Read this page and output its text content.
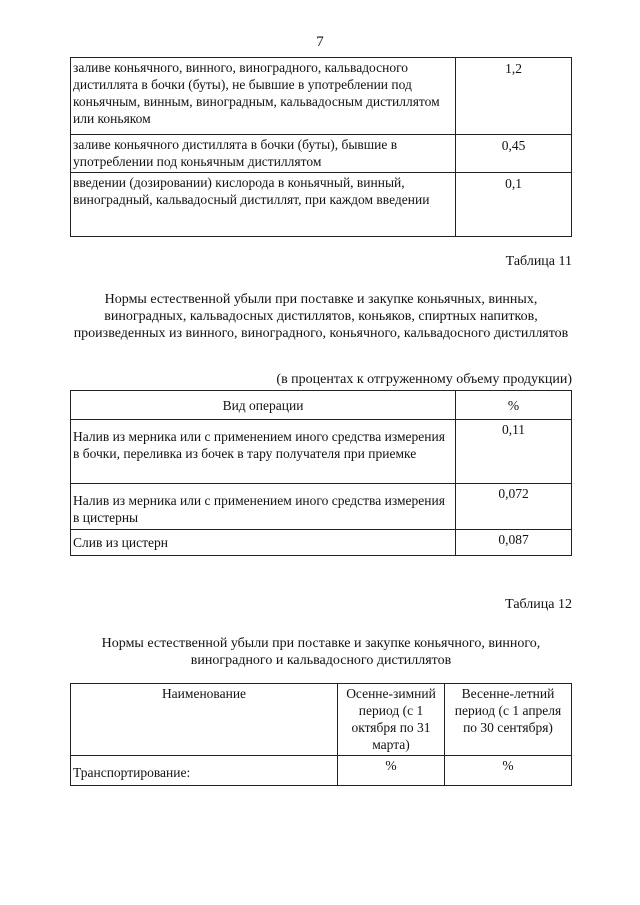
7
заливе коньячного, винного, виноградного, кальвадосного дистиллята в бочки (буты), не бывшие в употреблении под коньячным, винным, виноградным, кальвадосным дистиллятом или коньяком	1,2
заливе коньячного дистиллята в бочки (буты), бывшие в употреблении под коньячным дистиллятом	0,45
введении (дозировании) кислорода в коньячный, винный, виноградный, кальвадосный дистиллят, при каждом введении	0,1
Таблица 11
Нормы естественной убыли при поставке и закупке коньячных, винных, виноградных, кальвадосных дистиллятов, коньяков, спиртных напитков, произведенных из винного, виноградного, коньячного, кальвадосного дистиллятов
(в процентах к отгруженному объему продукции)
Вид операции	%
Налив из мерника или с применением иного средства измерения в бочки, переливка из бочек в тару получателя при приемке	0,11
Налив из мерника или с применением иного средства измерения в цистерны	0,072
Слив из цистерн	0,087
Таблица 12
Нормы естественной убыли при поставке и закупке коньячного, винного, виноградного и кальвадосного дистиллятов
Наименование	Осенне-зимний период (с 1 октября по 31 марта)	Весенне-летний период (с 1 апреля по 30 сентября)
Транспортирование:	%	%
